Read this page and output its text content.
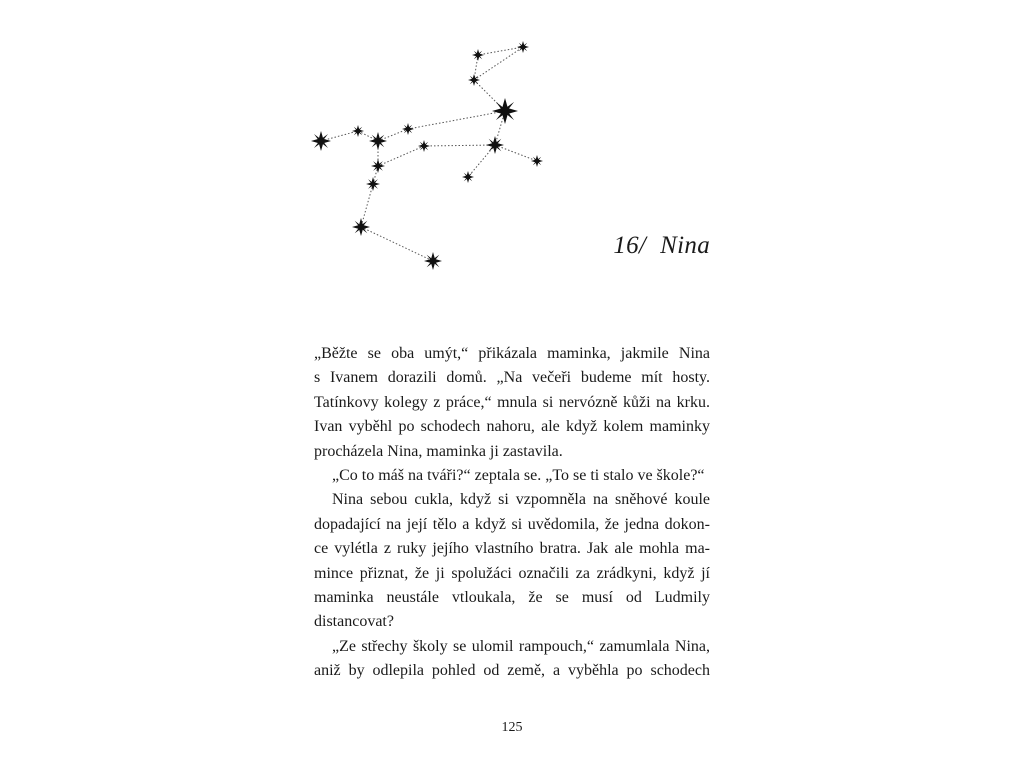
16/ Nina
„Běžte se oba umýt,“ přikázala maminka, jakmile Nina
s Ivanem dorazili domů. „Na večeři budeme mít hosty.
Tatínkovy kolegy z práce,“ mnula si nervózně kůži na krku.
Ivan vyběhl po schodech nahoru, ale když kolem maminky
procházela Nina, maminka ji zastavila.
„Co to máš na tváři?“ zeptala se. „To se ti stalo ve škole?“
Nina sebou cukla, když si vzpomněla na sněhové koule
dopadající na její tělo a když si uvědomila, že jedna dokon-
ce vylétla z ruky jejího vlastního bratra. Jak ale mohla ma-
mince přiznat, že ji spolužáci označili za zrádkyni, když jí
maminka neustále vtloukala, že se musí od Ludmily
distancovat?
„Ze střechy školy se ulomil rampouch,“ zamumlala Nina,
aniž by odlepila pohled od země, a vyběhla po schodech
125
